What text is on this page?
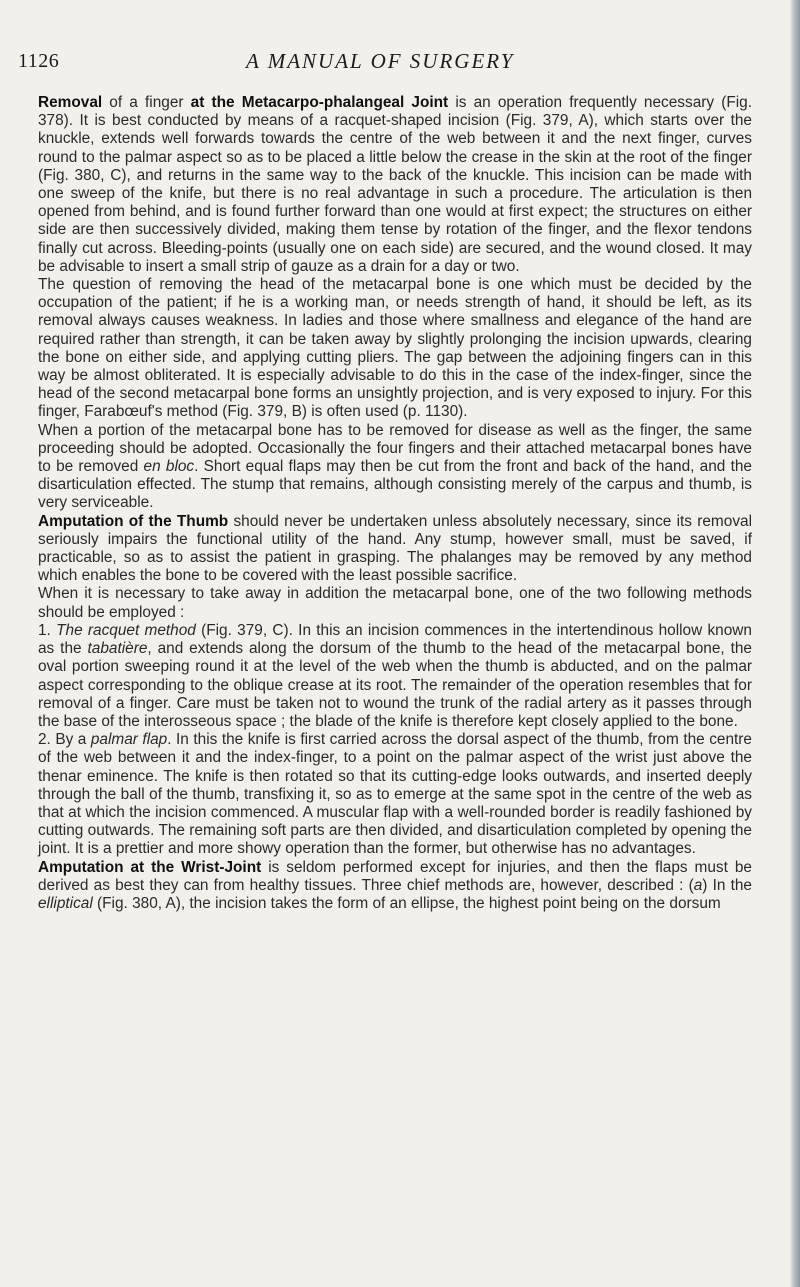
1126	A MANUAL OF SURGERY

Removal of a finger at the Metacarpo-phalangeal Joint is an operation frequently necessary (Fig. 378). It is best conducted by means of a racquet-shaped incision (Fig. 379, A), which starts over the knuckle, extends well forwards towards the centre of the web between it and the next finger, curves round to the palmar aspect so as to be placed a little below the crease in the skin at the root of the finger (Fig. 380, C), and returns in the same way to the back of the knuckle. This incision can be made with one sweep of the knife, but there is no real advantage in such a procedure. The articulation is then opened from behind, and is found further forward than one would at first expect; the structures on either side are then successively divided, making them tense by rotation of the finger, and the flexor tendons finally cut across. Bleeding-points (usually one on each side) are secured, and the wound closed. It may be advisable to insert a small strip of gauze as a drain for a day or two.

The question of removing the head of the metacarpal bone is one which must be decided by the occupation of the patient; if he is a working man, or needs strength of hand, it should be left, as its removal always causes weakness. In ladies and those where smallness and elegance of the hand are required rather than strength, it can be taken away by slightly prolonging the incision upwards, clearing the bone on either side, and applying cutting pliers. The gap between the adjoining fingers can in this way be almost obliterated. It is especially advisable to do this in the case of the index-finger, since the head of the second metacarpal bone forms an unsightly projection, and is very exposed to injury. For this finger, Farabœuf's method (Fig. 379, B) is often used (p. 1130).

When a portion of the metacarpal bone has to be removed for disease as well as the finger, the same proceeding should be adopted. Occasionally the four fingers and their attached metacarpal bones have to be removed en bloc. Short equal flaps may then be cut from the front and back of the hand, and the disarticulation effected. The stump that remains, although consisting merely of the carpus and thumb, is very serviceable.

Amputation of the Thumb should never be undertaken unless absolutely necessary, since its removal seriously impairs the functional utility of the hand. Any stump, however small, must be saved, if practicable, so as to assist the patient in grasping. The phalanges may be removed by any method which enables the bone to be covered with the least possible sacrifice.

When it is necessary to take away in addition the metacarpal bone, one of the two following methods should be employed :

1. The racquet method (Fig. 379, C). In this an incision commences in the intertendinous hollow known as the tabatière, and extends along the dorsum of the thumb to the head of the metacarpal bone, the oval portion sweeping round it at the level of the web when the thumb is abducted, and on the palmar aspect corresponding to the oblique crease at its root. The remainder of the operation resembles that for removal of a finger. Care must be taken not to wound the trunk of the radial artery as it passes through the base of the interosseous space ; the blade of the knife is therefore kept closely applied to the bone.

2. By a palmar flap. In this the knife is first carried across the dorsal aspect of the thumb, from the centre of the web between it and the index-finger, to a point on the palmar aspect of the wrist just above the thenar eminence. The knife is then rotated so that its cutting-edge looks outwards, and inserted deeply through the ball of the thumb, transfixing it, so as to emerge at the same spot in the centre of the web as that at which the incision commenced. A muscular flap with a well-rounded border is readily fashioned by cutting outwards. The remaining soft parts are then divided, and disarticulation completed by opening the joint. It is a prettier and more showy operation than the former, but otherwise has no advantages.

Amputation at the Wrist-Joint is seldom performed except for injuries, and then the flaps must be derived as best they can from healthy tissues. Three chief methods are, however, described : (a) In the elliptical (Fig. 380, A), the incision takes the form of an ellipse, the highest point being on the dorsum
